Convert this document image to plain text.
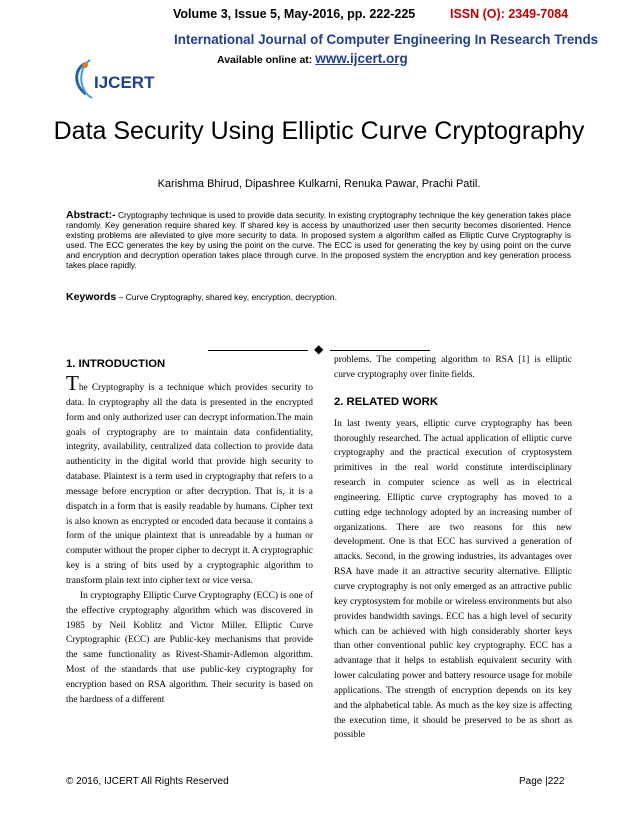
Volume 3, Issue 5, May-2016, pp. 222-225	ISSN (O): 2349-7084
IJCERT
International Journal of Computer Engineering In Research Trends
Available online at: www.ijcert.org
Data Security Using Elliptic Curve Cryptography
Karishma Bhirud, Dipashree Kulkarni, Renuka Pawar, Prachi Patil.
Abstract:- Cryptography technique is used to provide data security. In existing cryptography technique the key generation takes place randomly. Key generation require shared key. If shared key is access by unauthorized user then security becomes disoriented. Hence existing problems are alleviated to give more security to data. In proposed system a algorithm called as Elliptic Curve Cryptography is used. The ECC generates the key by using the point on the curve. The ECC is used for generating the key by using point on the curve and encryption and decryption operation takes place through curve. In the proposed system the encryption and key generation process takes place rapidly.
Keywords – Curve Cryptography, shared key, encryption, decryption.
◆
1. INTRODUCTION

The Cryptography is a technique which provides security to data. In cryptography all the data is presented in the encrypted form and only authorized user can decrypt information.The main goals of cryptography are to maintain data confidentiality, integrity, availability, centralized data collection to provide data authenticity in the digital world that provide high security to database. Plaintext is a term used in cryptography that refers to a message before encryption or after decryption. That is, it is a dispatch in a form that is easily readable by humans. Cipher text is also known as encrypted or encoded data because it contains a form of the unique plaintext that is unreadable by a human or computer without the proper cipher to decrypt it. A cryptographic key is a string of bits used by a cryptographic algorithm to transform plain text into cipher text or vice versa.

In cryptography Elliptic Curve Cryptography (ECC) is one of the effective cryptography algorithm which was discovered in 1985 by Neil Koblitz and Victor Miller. Elliptic Curve Cryptographic (ECC) are Public-key mechanisms that provide the same functionality as Rivest-Shamir-Adlemon algorithm. Most of the standards that use public-key cryptography for encryption based on RSA algorithm. Their security is based on the hardness of a different

problems. The competing algorithm to RSA [1] is elliptic curve cryptography over finite fields.

2. RELATED WORK

In last twenty years, elliptic curve cryptography has been thoroughly researched. The actual application of elliptic curve cryptography and the practical execution of cryptosystem primitives in the real world constitute interdisciplinary research in computer science as well as in electrical engineering. Elliptic curve cryptography has moved to a cutting edge technology adopted by an increasing number of organizations. There are two reasons for this new development. One is that ECC has survived a generation of attacks. Second, in the growing industries, its advantages over RSA have made it an attractive security alternative. Elliptic curve cryptography is not only emerged as an attractive public key cryptosystem for mobile or wireless environments but also provides bandwidth savings. ECC has a high level of security which can be achieved with high considerably shorter keys than other conventional public key cryptography. ECC has a advantage that it helps to establish equivalent security with lower calculating power and battery resource usage for mobile applications. The strength of encryption depends on its key and the alphabetical table. As much as the key size is affecting the execution time, it should be preserved to be as short as possible

© 2016, IJCERT All Rights Reserved	Page |222
